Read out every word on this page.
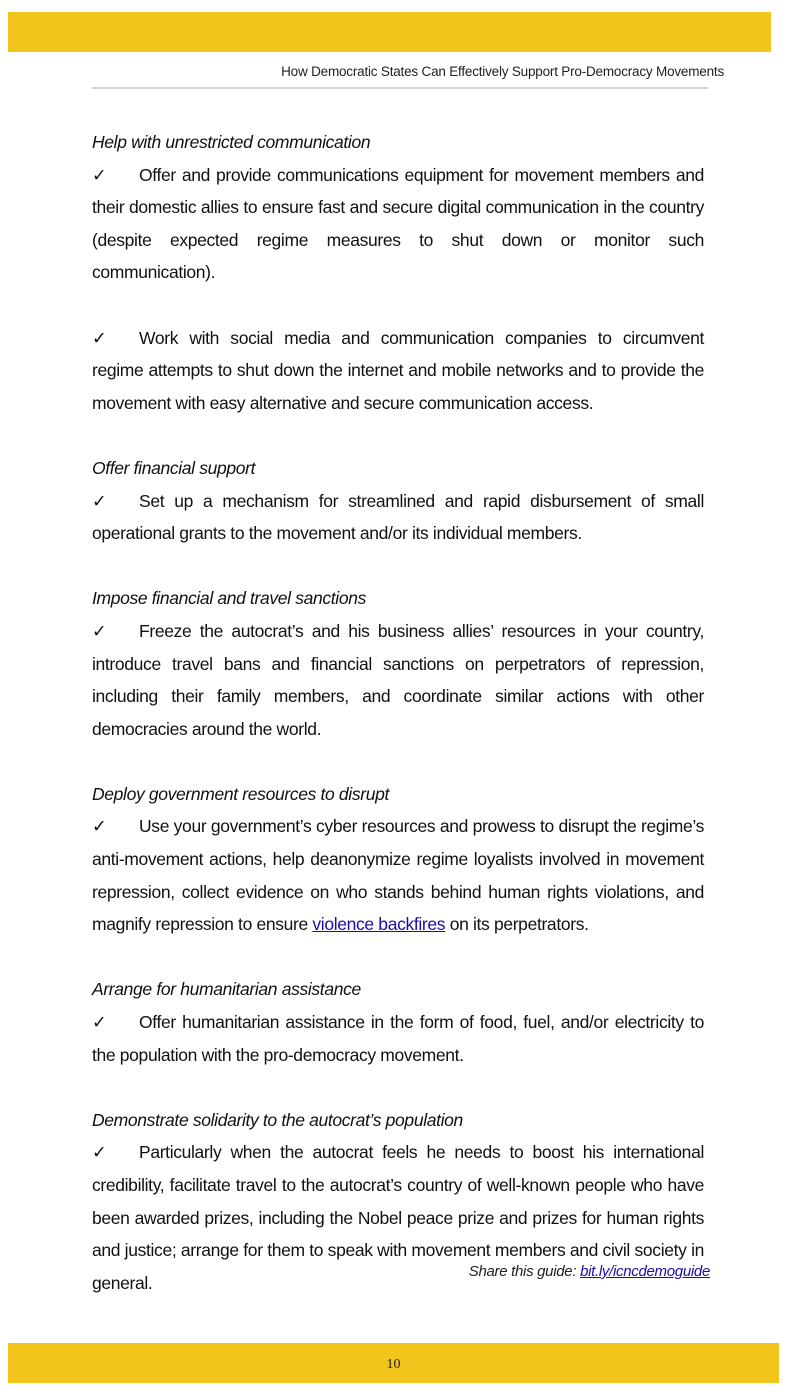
How Democratic States Can Effectively Support Pro-Democracy Movements
Help with unrestricted communication

✓ Offer and provide communications equipment for movement members and their domestic allies to ensure fast and secure digital communication in the country (despite expected regime measures to shut down or monitor such communication).

✓ Work with social media and communication companies to circumvent regime attempts to shut down the internet and mobile networks and to provide the movement with easy alternative and secure communication access.

Offer financial support

✓ Set up a mechanism for streamlined and rapid disbursement of small operational grants to the movement and/or its individual members.

Impose financial and travel sanctions

✓ Freeze the autocrat’s and his business allies’ resources in your country, introduce travel bans and financial sanctions on perpetrators of repression, including their family members, and coordinate similar actions with other democracies around the world.

Deploy government resources to disrupt

✓ Use your government’s cyber resources and prowess to disrupt the regime’s anti-movement actions, help deanonymize regime loyalists involved in movement repression, collect evidence on who stands behind human rights violations, and magnify repression to ensure violence backfires on its perpetrators.

Arrange for humanitarian assistance

✓ Offer humanitarian assistance in the form of food, fuel, and/or electricity to the population with the pro-democracy movement.

Demonstrate solidarity to the autocrat’s population

✓ Particularly when the autocrat feels he needs to boost his international credibility, facilitate travel to the autocrat’s country of well-known people who have been awarded prizes, including the Nobel peace prize and prizes for human rights and justice; arrange for them to speak with movement members and civil society in general.

Share this guide: bit.ly/icncdemoguide
10
